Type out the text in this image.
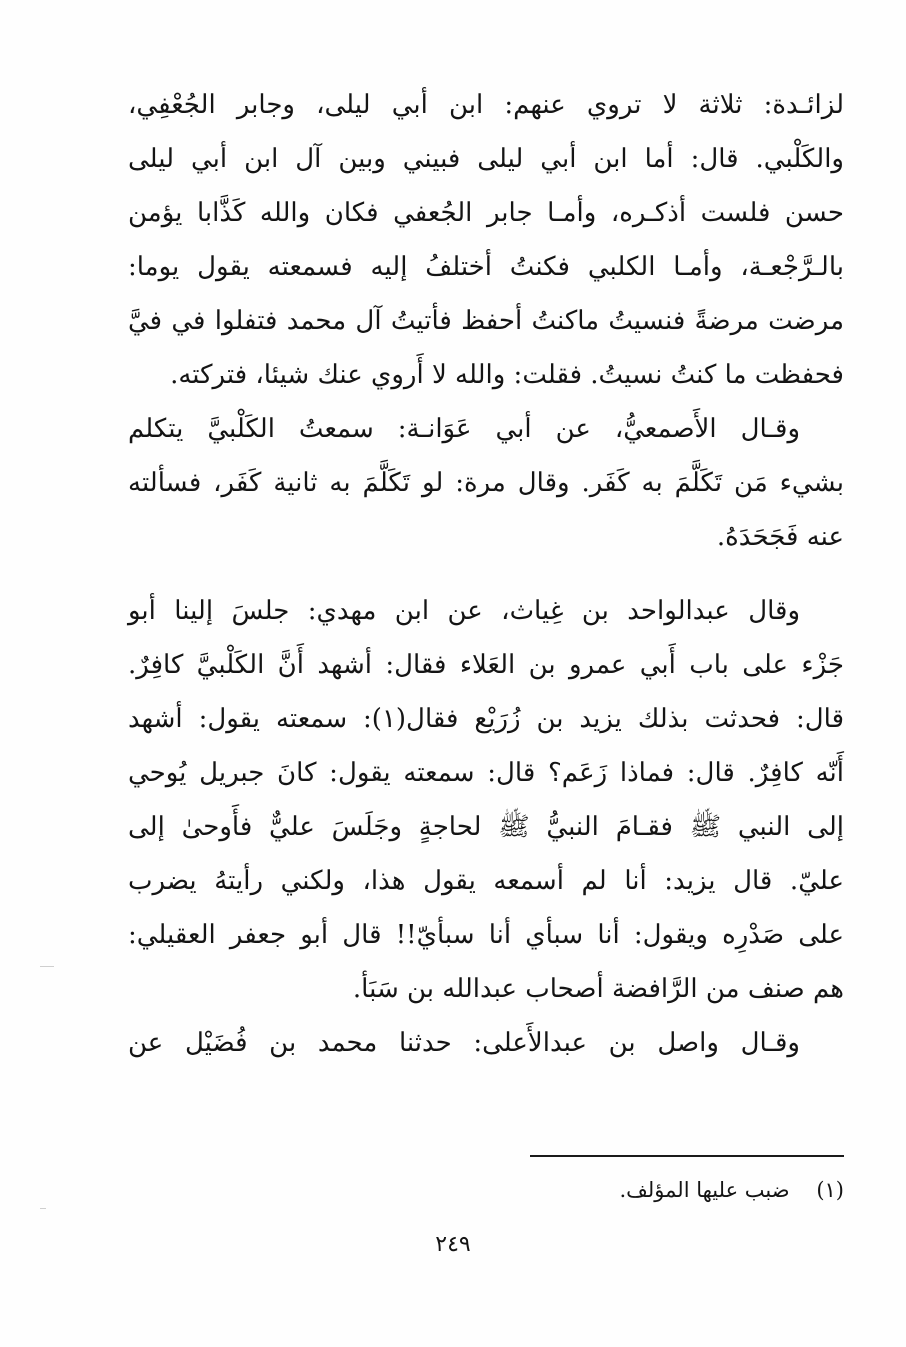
لزائـدة: ثلاثة لا تروي عنهم: ابن أبي ليلى، وجابر الجُعْفِي،
والكَلْبي. قال: أما ابن أبي ليلى فبيني وبين آل ابن أبي ليلى
حسن فلست أذكـره، وأمـا جابر الجُعفي فكان والله كَذَّابا يؤمن
بالـرَّجْعـة، وأمـا الكلبي فكنتُ أختلفُ إليه فسمعته يقول يوما:
مرضت مرضةً فنسيتُ ماكنتُ أحفظ فأتيتُ آل محمد فتفلوا في فيَّ
فحفظت ما كنتُ نسيتُ. فقلت: والله لا أَروي عنك شيئا، فتركته.

وقـال الأَصمعيُّ، عن أبي عَوَانـة: سمعتُ الكَلْبيَّ يتكلم
بشيء مَن تَكَلَّمَ به كَفَر. وقال مرة: لو تَكَلَّمَ به ثانية كَفَر، فسألته
عنه فَجَحَدَهُ.

وقال عبدالواحد بن غِياث، عن ابن مهدي: جلسَ إلينا أبو
جَزْء على باب أَبي عمرو بن العَلاء فقال: أشهد أَنَّ الكَلْبيَّ كافِرٌ.
قال: فحدثت بذلك يزيد بن زُرَيْع فقال(١): سمعته يقول: أشهد
أَنّه كافِرٌ. قال: فماذا زَعَم؟ قال: سمعته يقول: كانَ جبريل يُوحي
إلى النبي ﷺ فقـامَ النبيُّ ﷺ لحاجةٍ وجَلَسَ عليٌّ فأَوحىٰ إلى
عليّ. قال يزيد: أنا لم أسمعه يقول هذا، ولكني رأيتهُ يضرب
على صَدْرِه ويقول: أنا سبأي أنا سبأيّ!! قال أبو جعفر العقيلي:
هم صنف من الرَّافضة أصحاب عبدالله بن سَبَأ.

وقـال واصل بن عبدالأَعلى: حدثنا محمد بن فُضَيْل عن

(١)    ضبب عليها المؤلف.
٢٤٩
